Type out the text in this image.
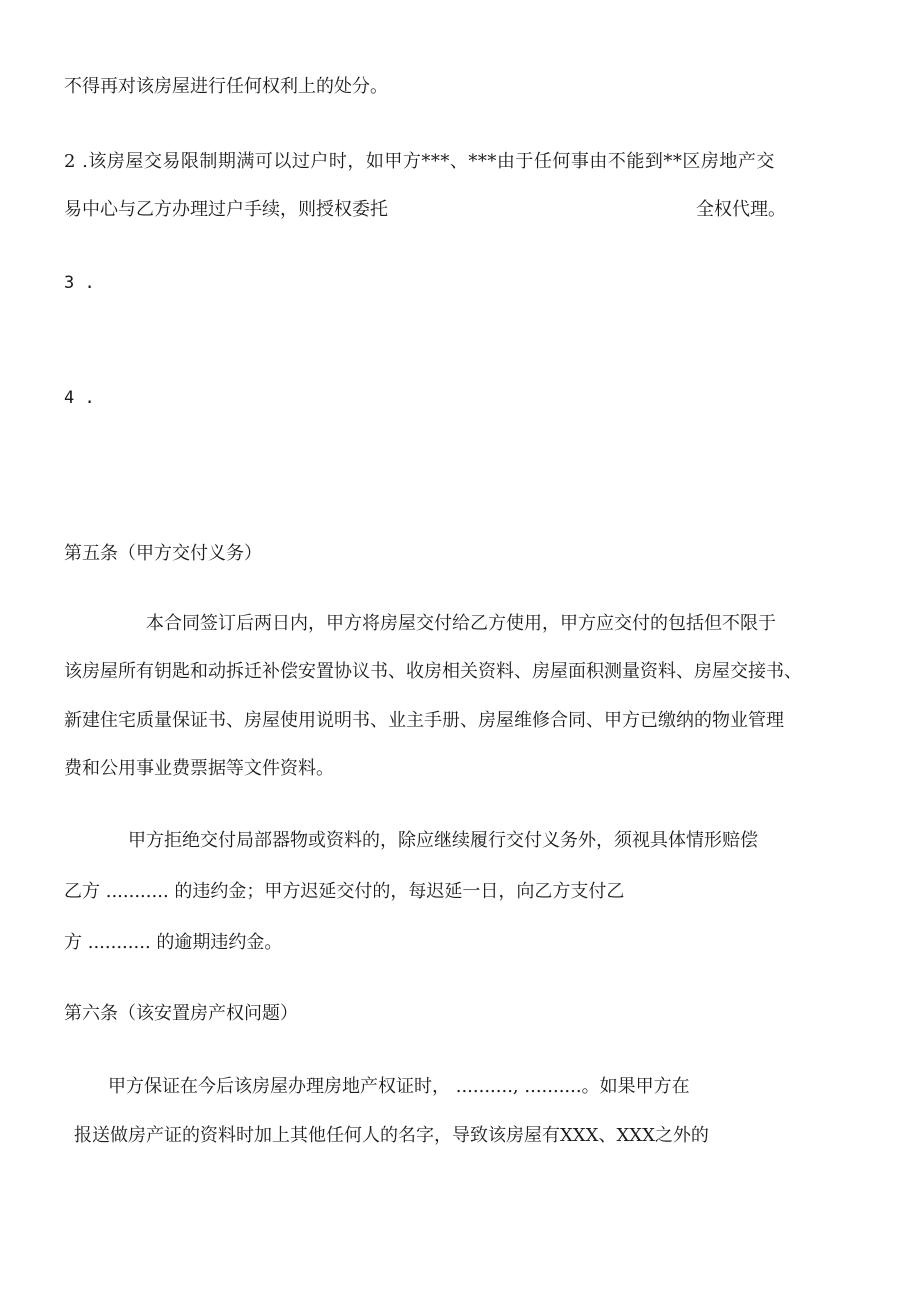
不得再对该房屋进行任何权利上的处分。
2 .该房屋交易限制期满可以过户时，如甲方***、***由于任何事由不能到**区房地产交
易中心与乙方办理过户手续，则授权委托	全权代理。
3 .
4 .
第五条（甲方交付义务）
本合同签订后两日内，甲方将房屋交付给乙方使用，甲方应交付的包括但不限于
该房屋所有钥匙和动拆迁补偿安置协议书、收房相关资料、房屋面积测量资料、房屋交接书、
新建住宅质量保证书、房屋使用说明书、业主手册、房屋维修合同、甲方已缴纳的物业管理
费和公用事业费票据等文件资料。
甲方拒绝交付局部器物或资料的，除应继续履行交付义务外，须视具体情形赔偿
乙方 ........... 的违约金；甲方迟延交付的，每迟延一日，向乙方支付乙
方 ........... 的逾期违约金。
第六条（该安置房产权问题）
甲方保证在今后该房屋办理房地产权证时， .........., ..........。如果甲方在
报送做房产证的资料时加上其他任何人的名字，导致该房屋有XXX、XXX之外的
